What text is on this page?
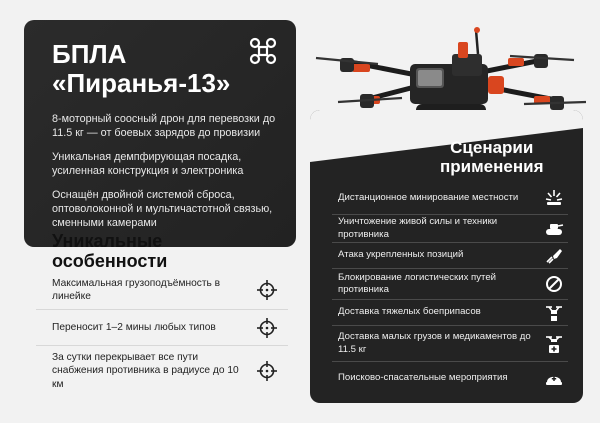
БПЛА
«Пиранья-13»

8-моторный соосный дрон для перевозки до 11.5 кг — от боевых зарядов до провизии

Уникальная демпфирующая посадка, усиленная конструкция и электроника

Оснащён двойной системой сброса, оптоволоконной и мультичастотной связью, сменными камерами

Уникальные
особенности
Максимальная грузоподъёмность в линейке
Переносит 1–2 мины любых типов
За сутки перекрывает все пути снабжения противника в радиусе до 10 км
Сценарии
применения
Дистанционное минирование местности
Уничтожение живой силы и техники противника
Атака укрепленных позиций
Блокирование логистических путей противника
Доставка тяжелых боеприпасов
Доставка малых грузов и медикаментов до 11.5 кг
Поисково-спасательные мероприятия
